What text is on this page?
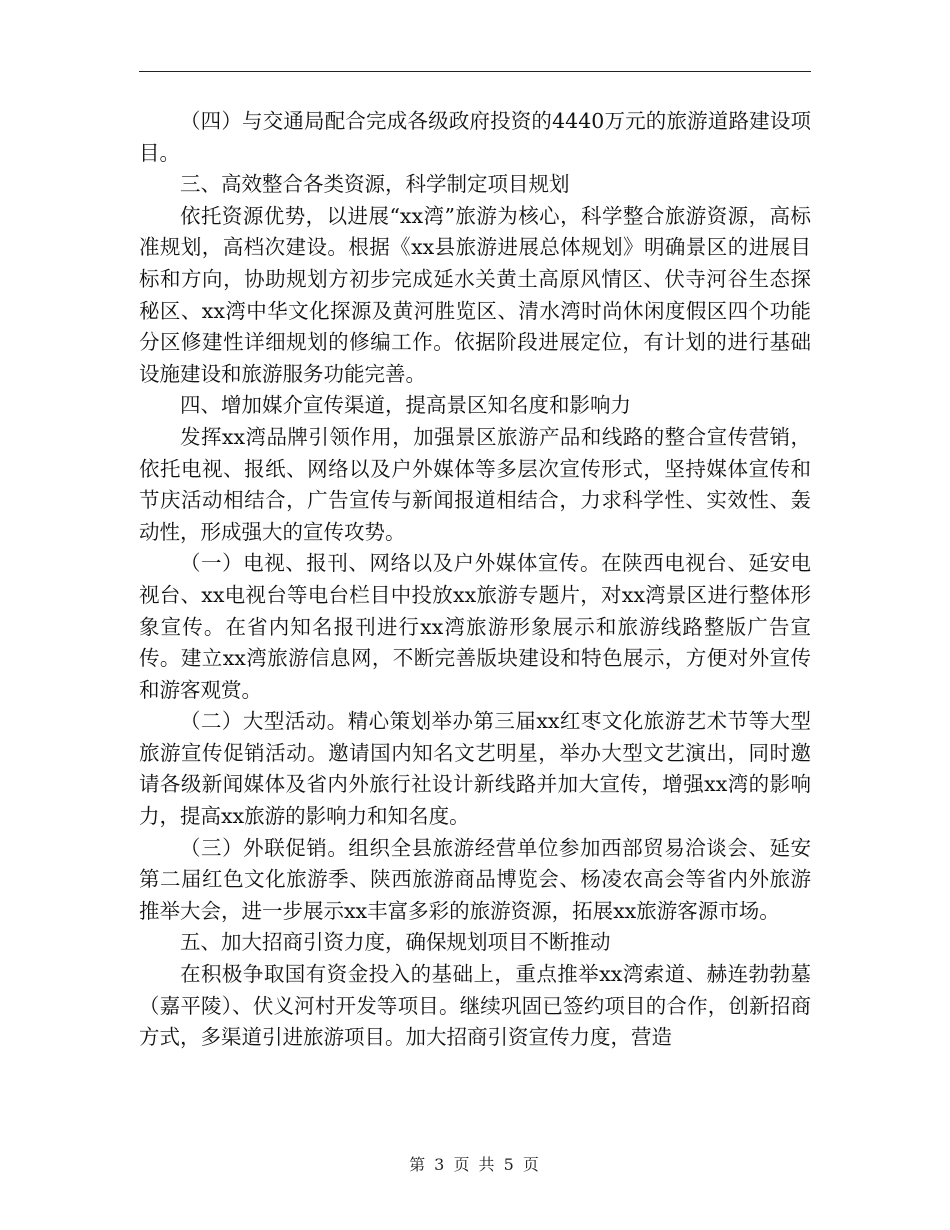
（四）与交通局配合完成各级政府投资的4440万元的旅游道路建设项目。

三、高效整合各类资源，科学制定项目规划

依托资源优势，以进展“xx湾”旅游为核心，科学整合旅游资源，高标准规划，高档次建设。根据《xx县旅游进展总体规划》明确景区的进展目标和方向，协助规划方初步完成延水关黄土高原风情区、伏寺河谷生态探秘区、xx湾中华文化探源及黄河胜览区、清水湾时尚休闲度假区四个功能分区修建性详细规划的修编工作。依据阶段进展定位，有计划的进行基础设施建设和旅游服务功能完善。

四、增加媒介宣传渠道，提高景区知名度和影响力

发挥xx湾品牌引领作用，加强景区旅游产品和线路的整合宣传营销，依托电视、报纸、网络以及户外媒体等多层次宣传形式，坚持媒体宣传和节庆活动相结合，广告宣传与新闻报道相结合，力求科学性、实效性、轰动性，形成强大的宣传攻势。

（一）电视、报刊、网络以及户外媒体宣传。在陕西电视台、延安电视台、xx电视台等电台栏目中投放xx旅游专题片，对xx湾景区进行整体形象宣传。在省内知名报刊进行xx湾旅游形象展示和旅游线路整版广告宣传。建立xx湾旅游信息网，不断完善版块建设和特色展示，方便对外宣传和游客观赏。

（二）大型活动。精心策划举办第三届xx红枣文化旅游艺术节等大型旅游宣传促销活动。邀请国内知名文艺明星，举办大型文艺演出，同时邀请各级新闻媒体及省内外旅行社设计新线路并加大宣传，增强xx湾的影响力，提高xx旅游的影响力和知名度。

（三）外联促销。组织全县旅游经营单位参加西部贸易洽谈会、延安第二届红色文化旅游季、陕西旅游商品博览会、杨凌农高会等省内外旅游推举大会，进一步展示xx丰富多彩的旅游资源，拓展xx旅游客源市场。

五、加大招商引资力度，确保规划项目不断推动

在积极争取国有资金投入的基础上，重点推举xx湾索道、赫连勃勃墓（嘉平陵）、伏义河村开发等项目。继续巩固已签约项目的合作，创新招商方式，多渠道引进旅游项目。加大招商引资宣传力度，营造

第 3 页 共 5 页
